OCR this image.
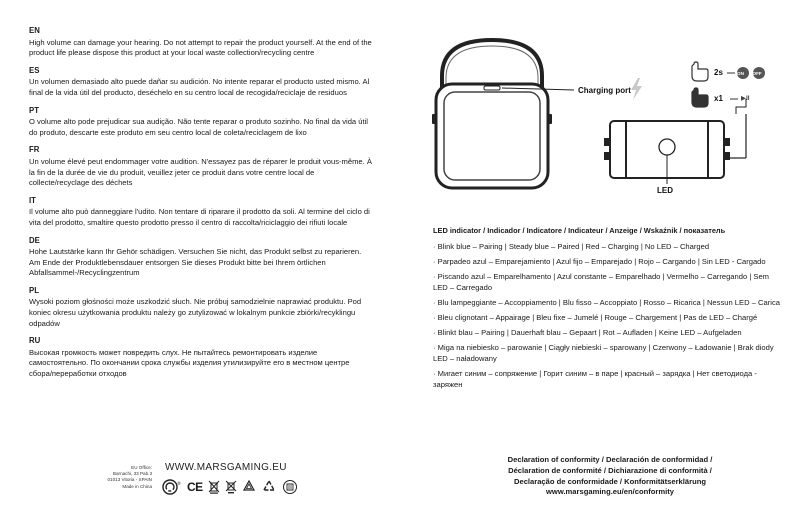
EN
High volume can damage your hearing. Do not attempt to repair the product yourself. At the end of the product life please dispose this product at your local waste collection/recycling centre
ES
Un volumen demasiado alto puede dañar su audición. No intente reparar el producto usted mismo. Al final de la vida útil del producto, deséchelo en su centro local de recogida/reciclaje de residuos
PT
O volume alto pode prejudicar sua audição. Não tente reparar o produto sozinho. No final da vida útil do produto, descarte este produto em seu centro local de coleta/reciclagem de lixo
FR
Un volume élevé peut endommager votre audition. N'essayez pas de réparer le produit vous-même. À la fin de la durée de vie du produit, veuillez jeter ce produit dans votre centre local de collecte/recyclage des déchets
IT
Il volume alto può danneggiare l'udito. Non tentare di riparare il prodotto da soli. Al termine del ciclo di vita del prodotto, smaltire questo prodotto presso il centro di raccolta/riciclaggio dei rifiuti locale
DE
Hohe Lautstärke kann Ihr Gehör schädigen. Versuchen Sie nicht, das Produkt selbst zu reparieren. Am Ende der Produktlebensdauer entsorgen Sie dieses Produkt bitte bei Ihrem örtlichen Abfallsammel-/Recyclingzentrum
PL
Wysoki poziom głośności może uszkodzić słuch. Nie próbuj samodzielnie naprawiać produktu. Pod koniec okresu użytkowania produktu należy go zutylizować w lokalnym punkcie zbiórki/recyklingu odpadów
RU
Высокая громкость может повредить слух. Не пытайтесь ремонтировать изделие самостоятельно. По окончании срока службы изделия утилизируйте его в местном центре сбора/переработки отходов
EU Office:
Barnachi, 33 Pab.3
01013 Vitoria - SPAIN
Made in China
WWW.MARSGAMING.EU
® CE
Charging port
LED
2s	ON OFF
x1	▶II
LED indicator / Indicador / Indicatore / Indicateur / Anzeige / Wskaźnik / показатель
· Blink blue – Pairing | Steady blue – Paired | Red – Charging | No LED – Charged
· Parpadeo azul – Emparejamiento | Azul fijo – Emparejado | Rojo – Cargando | Sin LED - Cargado
· Piscando azul – Emparelhamento | Azul constante – Emparelhado | Vermelho – Carregando | Sem LED – Carregado
· Blu lampeggiante – Accoppiamento | Blu fisso – Accoppiato | Rosso – Ricarica | Nessun LED – Carica
· Bleu clignotant – Appairage | Bleu fixe – Jumelé | Rouge – Chargement | Pas de LED – Chargé
· Blinkt blau – Pairing | Dauerhaft blau – Gepaart | Rot – Aufladen | Keine LED – Aufgeladen
· Miga na niebiesko – parowanie | Ciągły niebieski – sparowany | Czerwony – Ładowanie | Brak diody LED – naładowany
· Мигает синим – сопряжение | Горит синим – в паре | красный – зарядка | Нет светодиода - заряжен
Declaration of conformity / Declaración de conformidad /
Déclaration de conformité / Dichiarazione di conformità /
Declaração de conformidade / Konformitätserklärung
www.marsgaming.eu/en/conformity
